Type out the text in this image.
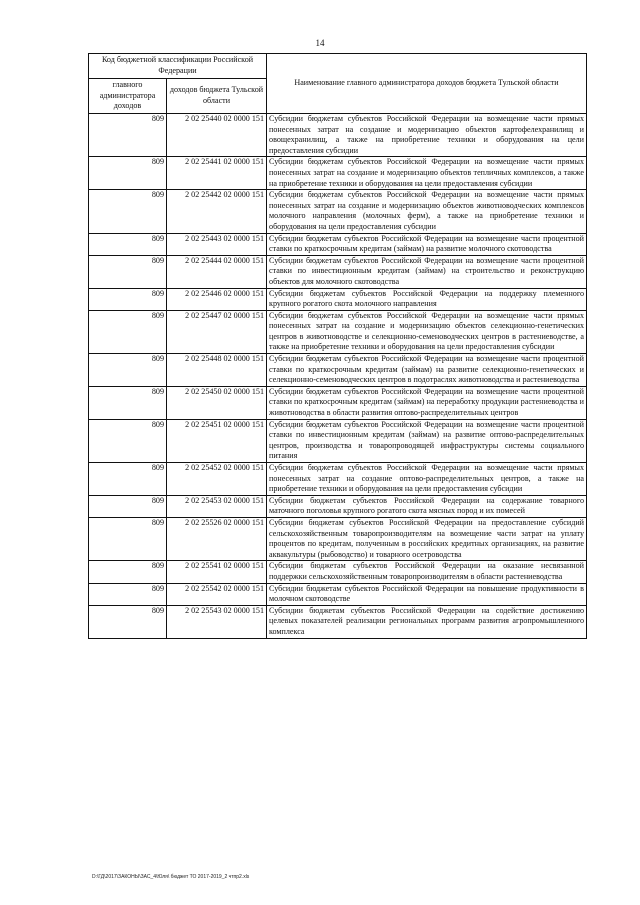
14
Код бюджетной классификации Российской Федерации		Наименование главного администратора доходов бюджета Тульской области
главного администратора доходов	доходов бюджета Тульской области	
809	2 02 25440 02 0000 151	Субсидии бюджетам субъектов Российской Федерации на возмещение части прямых понесенных затрат на создание и модернизацию объектов картофелехранилищ и овощехранилищ, а также на приобретение техники и оборудования на цели предоставления субсидии
809	2 02 25441 02 0000 151	Субсидии бюджетам субъектов Российской Федерации на возмещение части прямых понесенных затрат на создание и модернизацию объектов тепличных комплексов, а также на приобретение техники и оборудования на цели предоставления субсидии
809	2 02 25442 02 0000 151	Субсидии бюджетам субъектов Российской Федерации на возмещение части прямых понесенных затрат на создание и модернизацию объектов животноводческих комплексов молочного направления (молочных ферм), а также на приобретение техники и оборудования на цели предоставления субсидии
809	2 02 25443 02 0000 151	Субсидии бюджетам субъектов Российской Федерации на возмещение части процентной ставки по краткосрочным кредитам (займам) на развитие молочного скотоводства
809	2 02 25444 02 0000 151	Субсидии бюджетам субъектов Российской Федерации на возмещение части процентной ставки по инвестиционным кредитам (займам) на строительство и реконструкцию объектов для молочного скотоводства
809	2 02 25446 02 0000 151	Субсидии бюджетам субъектов Российской Федерации на поддержку племенного крупного рогатого скота молочного направления
809	2 02 25447 02 0000 151	Субсидии бюджетам субъектов Российской Федерации на возмещение части прямых понесенных затрат на создание и модернизацию объектов селекционно-генетических центров в животноводстве и селекционно-семеноводческих центров в растениеводстве, а также на приобретение техники и оборудования на цели предоставления субсидии
809	2 02 25448 02 0000 151	Субсидии бюджетам субъектов Российской Федерации на возмещение части процентной ставки по краткосрочным кредитам (займам) на развитие селекционно-генетических и селекционно-семеноводческих центров в подотраслях животноводства и растениеводства
809	2 02 25450 02 0000 151	Субсидии бюджетам субъектов Российской Федерации на возмещение части процентной ставки по краткосрочным кредитам (займам) на переработку продукции растениеводства и животноводства в области развития оптово-распределительных центров
809	2 02 25451 02 0000 151	Субсидии бюджетам субъектов Российской Федерации на возмещение части процентной ставки по инвестиционным кредитам (займам) на развитие оптово-распределительных центров, производства и товаропроводящей инфраструктуры системы социального питания
809	2 02 25452 02 0000 151	Субсидии бюджетам субъектов Российской Федерации на возмещение части прямых понесенных затрат на создание оптово-распределительных центров, а также на приобретение техники и оборудования на цели предоставления субсидии
809	2 02 25453 02 0000 151	Субсидии бюджетам субъектов Российской Федерации на содержание товарного маточного поголовья крупного рогатого скота мясных пород и их помесей
809	2 02 25526 02 0000 151	Субсидии бюджетам субъектов Российской Федерации на предоставление субсидий сельскохозяйственным товаропроизводителям на возмещение части затрат на уплату процентов по кредитам, полученным в российских кредитных организациях, на развитие аквакультуры (рыбоводство) и товарного осетроводства
809	2 02 25541 02 0000 151	Субсидии бюджетам субъектов Российской Федерации на оказание несвязанной поддержки сельскохозяйственным товаропроизводителям в области растениеводства
809	2 02 25542 02 0000 151	Субсидии бюджетам субъектов Российской Федерации на повышение продуктивности в молочном скотоводстве
809	2 02 25543 02 0000 151	Субсидии бюджетам субъектов Российской Федерации на содействие достижению целевых показателей реализации региональных программ развития агропромышленного комплекса
D:\ГД\2017\ЗАКОНЫ\ЗАС_4\Юля\ бюджет ТО 2017-2019_2 чтпр2.xls
